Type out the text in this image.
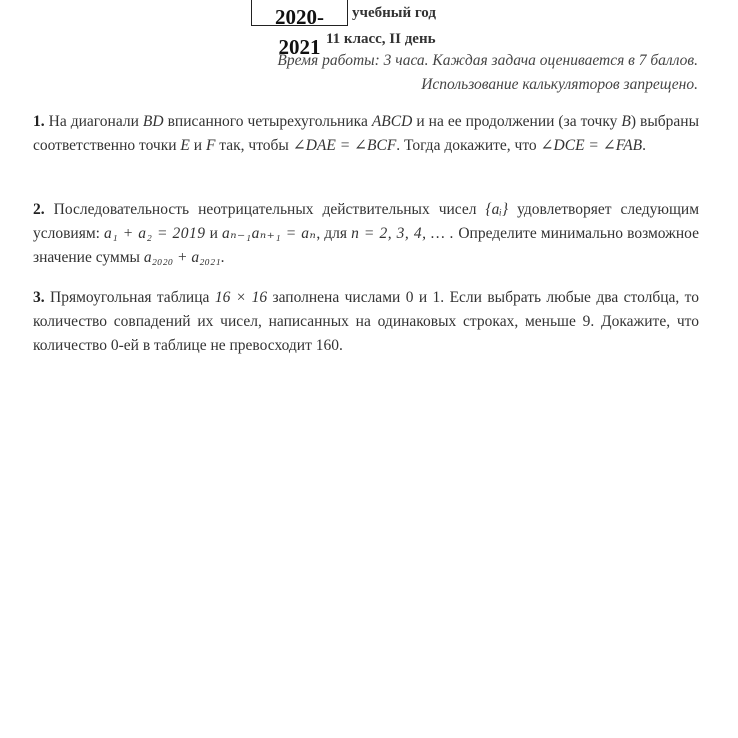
2020-
2021
учебный год
11 класс, II день
Время работы: 3 часа. Каждая задача оценивается в 7 баллов.
Использование калькуляторов запрещено.
1. На диагонали BD вписанного четырехугольника ABCD и на ее продолжении (за точку B) выбраны соответственно точки E и F так, чтобы ∠DAE = ∠BCF. Тогда докажите, что ∠DCE = ∠FAB.
2. Последовательность неотрицательных действительных чисел {aᵢ} удовлетворяет следующим условиям: a₁ + a₂ = 2019 и aₙ₋₁aₙ₊₁ = aₙ, для n = 2, 3, 4, … . Определите минимально возможное значение суммы a₂₀₂₀ + a₂₀₂₁.
3. Прямоугольная таблица 16 × 16 заполнена числами 0 и 1. Если выбрать любые два столбца, то количество совпадений их чисел, написанных на одинаковых строках, меньше 9. Докажите, что количество 0-ей в таблице не превосходит 160.
